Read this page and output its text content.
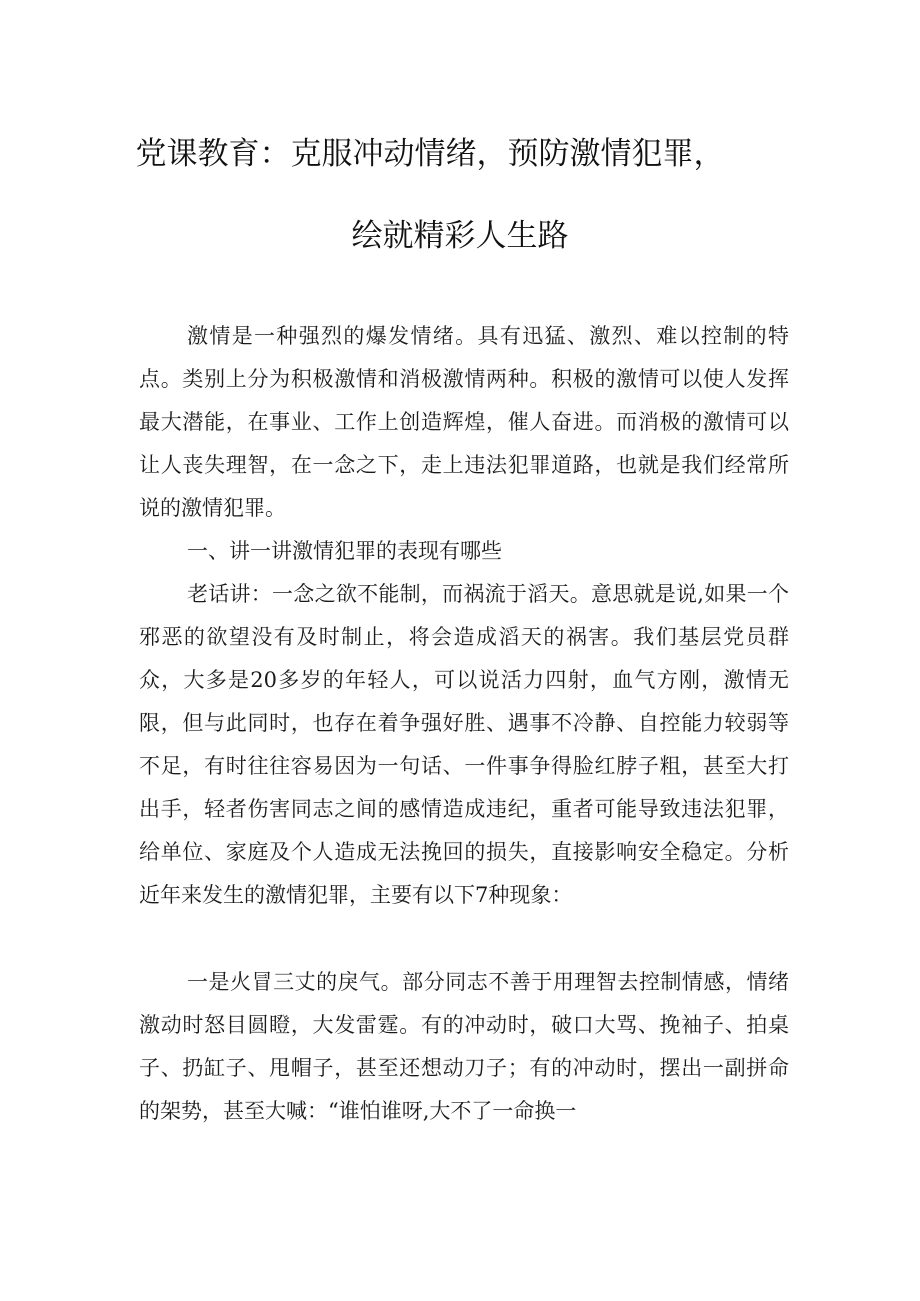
党课教育：克服冲动情绪，预防激情犯罪，
绘就精彩人生路

激情是一种强烈的爆发情绪。具有迅猛、激烈、难以控制的特点。类别上分为积极激情和消极激情两种。积极的激情可以使人发挥最大潜能，在事业、工作上创造辉煌，催人奋进。而消极的激情可以让人丧失理智，在一念之下，走上违法犯罪道路，也就是我们经常所说的激情犯罪。

一、讲一讲激情犯罪的表现有哪些

老话讲：一念之欲不能制，而祸流于滔天。意思就是说,如果一个邪恶的欲望没有及时制止，将会造成滔天的祸害。我们基层党员群众，大多是20多岁的年轻人，可以说活力四射，血气方刚，激情无限，但与此同时，也存在着争强好胜、遇事不冷静、自控能力较弱等不足，有时往往容易因为一句话、一件事争得脸红脖子粗，甚至大打出手，轻者伤害同志之间的感情造成违纪，重者可能导致违法犯罪，给单位、家庭及个人造成无法挽回的损失，直接影响安全稳定。分析近年来发生的激情犯罪，主要有以下7种现象：

一是火冒三丈的戾气。部分同志不善于用理智去控制情感，情绪激动时怒目圆瞪，大发雷霆。有的冲动时，破口大骂、挽袖子、拍桌子、扔缸子、甩帽子，甚至还想动刀子；有的冲动时，摆出一副拼命的架势，甚至大喊：“谁怕谁呀,大不了一命换一
